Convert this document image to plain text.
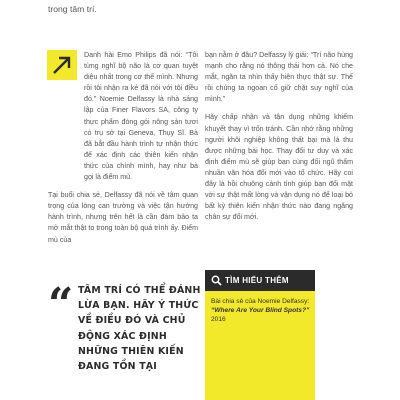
trong tâm trí.

Danh hài Emo Philips đã nói: “Tôi từng nghĩ bộ não là cơ quan tuyệt diệu nhất trong cơ thể mình. Nhưng rồi tôi nhận ra kẻ đã nói với tôi điều đó.” Noemie Delfassy là nhà sáng lập của Finer Flavors SA, công ty thực phẩm đóng gói nông sản tươi có trụ sở tại Geneva, Thụy Sĩ. Bà đã bắt đầu hành trình tự nhận thức để xác định các thiên kiến nhận thức của chính mình, hay như bà gọi là điểm mù.

Tại buổi chia sẻ, Delfassy đã nói về tâm quan trọng của lòng can trường và việc tận hưởng hành trình, nhưng trên hết là cần đảm bảo ta mở mắt thật to trong toàn bộ quá trình ấy. Điểm mù của

bạn nằm ở đâu? Delfassy lý giải: “Trí não hùng mạnh cho rằng nó thông thái hơn cả. Nó che mắt, ngăn ta nhìn thấy hiện thực thật sự. Thế rồi chúng ta ngoan cố giữ chặt suy nghĩ của mình.”

Hãy chấp nhận và tận dụng những khiếm khuyết thay vì trốn tránh. Cần nhớ rằng những người khôi nghiệp không thất bại mà là thu được những bài học. Thay đổi tư duy và xác định điểm mù sẽ giúp bạn cùng đối ngũ thẩm nhuần văn hóa đổi mới vào tổ chức. Hãy coi đây là hồi chuông cảnh tỉnh giúp bạn đối mặt với sự thật mất lòng và vận dụng nó để loại bỏ bất kỳ thiên kiến nhận thức nào đang ngăng chân sự đổi mới.

“ TÂM TRÍ CÓ THỂ ĐÁNH LỪA BẠN. HÃY Ý THỨC VỀ ĐIỀU ĐÓ VÀ CHỦ ĐỘNG XÁC ĐỊNH NHỮNG THIÊN KIẾN ĐANG TỒN TẠI
TÌM HIỂU THÊM
Bài chia sẻ của Noemie Delfassy:
“Where Are Your Blind Spots?”
2016
